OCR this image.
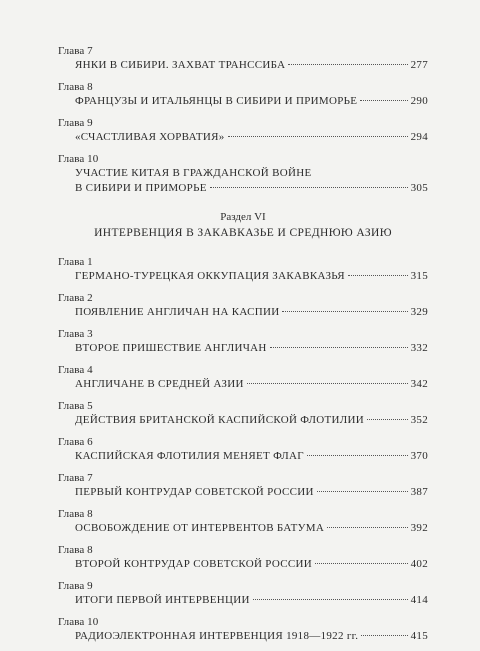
Глава 7
ЯНКИ В СИБИРИ. ЗАХВАТ ТРАНССИБА	277
Глава 8
ФРАНЦУЗЫ И ИТАЛЬЯНЦЫ В СИБИРИ И ПРИМОРЬЕ	290
Глава 9
«СЧАСТЛИВАЯ ХОРВАТИЯ»	294
Глава 10
УЧАСТИЕ КИТАЯ В ГРАЖДАНСКОЙ ВОЙНЕ
В СИБИРИ И ПРИМОРЬЕ	305
Раздел VI
ИНТЕРВЕНЦИЯ В ЗАКАВКАЗЬЕ И СРЕДНЮЮ АЗИЮ
Глава 1
ГЕРМАНО-ТУРЕЦКАЯ ОККУПАЦИЯ ЗАКАВКАЗЬЯ	315
Глава 2
ПОЯВЛЕНИЕ АНГЛИЧАН НА КАСПИИ	329
Глава 3
ВТОРОЕ ПРИШЕСТВИЕ АНГЛИЧАН	332
Глава 4
АНГЛИЧАНЕ В СРЕДНЕЙ АЗИИ	342
Глава 5
ДЕЙСТВИЯ БРИТАНСКОЙ КАСПИЙСКОЙ ФЛОТИЛИИ	352
Глава 6
КАСПИЙСКАЯ ФЛОТИЛИЯ МЕНЯЕТ ФЛАГ	370
Глава 7
ПЕРВЫЙ КОНТРУДАР СОВЕТСКОЙ РОССИИ	387
Глава 8
ОСВОБОЖДЕНИЕ ОТ ИНТЕРВЕНТОВ БАТУМА	392
Глава 8
ВТОРОЙ КОНТРУДАР СОВЕТСКОЙ РОССИИ	402
Глава 9
ИТОГИ ПЕРВОЙ ИНТЕРВЕНЦИИ	414
Глава 10
РАДИОЭЛЕКТРОННАЯ ИНТЕРВЕНЦИЯ 1918—1922 гг.	415
